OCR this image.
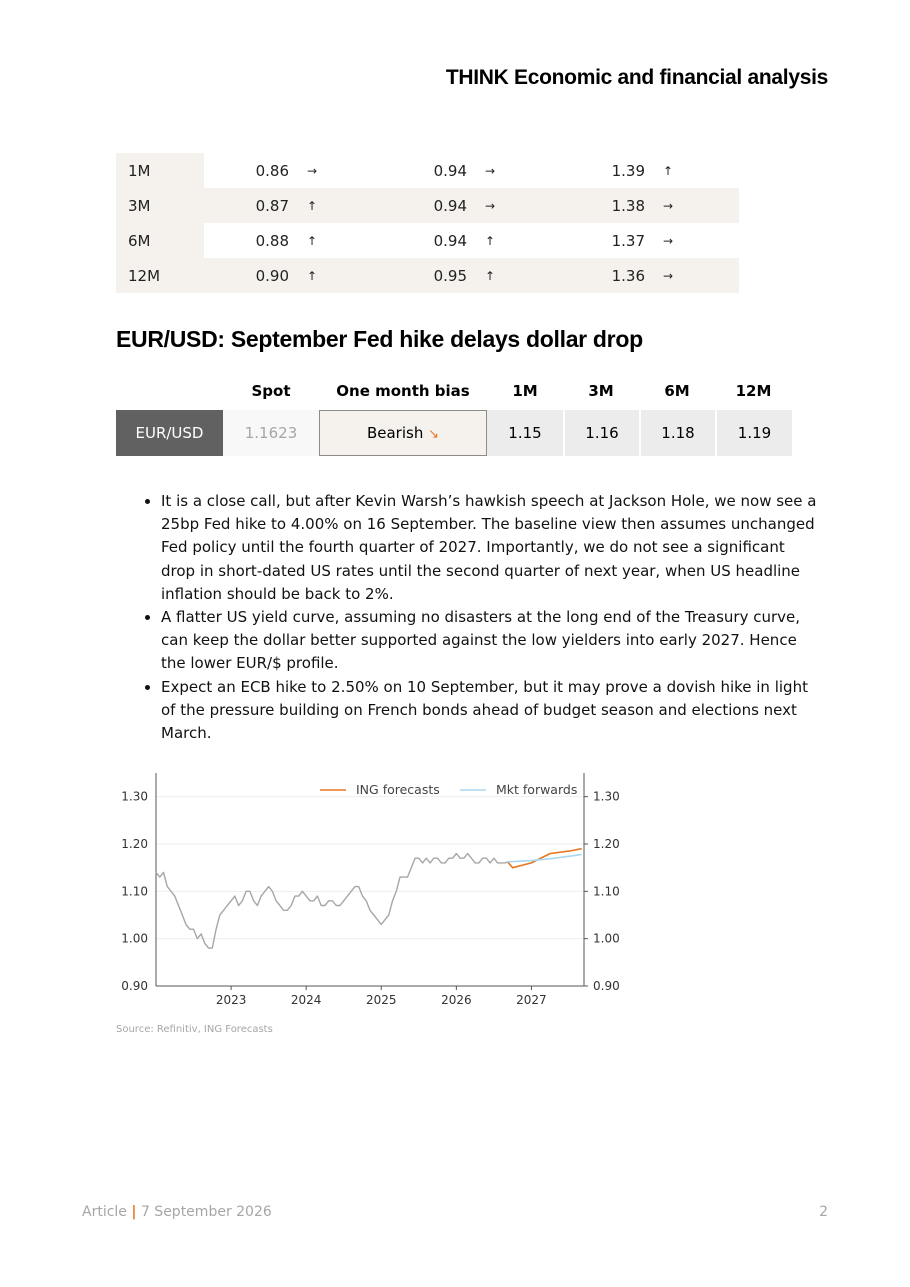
THINK Economic and financial analysis
1M	0.86	→	0.94	→	1.39	↑
3M	0.87	↑	0.94	→	1.38	→
6M	0.88	↑	0.94	↑	1.37	→
12M	0.90	↑	0.95	↑	1.36	→
EUR/USD: September Fed hike delays dollar drop
	Spot	One month bias	1M	3M	6M	12M
EUR/USD	1.1623	Bearish ↘	1.15	1.16	1.18	1.19
• It is a close call, but after Kevin Warsh’s hawkish speech at Jackson Hole, we now see a 25bp Fed hike to 4.00% on 16 September. The baseline view then assumes unchanged Fed policy until the fourth quarter of 2027. Importantly, we do not see a significant drop in short-dated US rates until the second quarter of next year, when US headline inflation should be back to 2%.
• A flatter US yield curve, assuming no disasters at the long end of the Treasury curve, can keep the dollar better supported against the low yielders into early 2027. Hence the lower EUR/$ profile.
• Expect an ECB hike to 2.50% on 10 September, but it may prove a dovish hike in light of the pressure building on French bonds ahead of budget season and elections next March.
0.90	0.90
1.00	1.00
1.10	1.10
1.20	1.20
1.30	1.30
2023	2024	2025	2026	2027
ING forecasts	Mkt forwards
Source: Refinitiv, ING Forecasts
Article | 7 September 2026	2
